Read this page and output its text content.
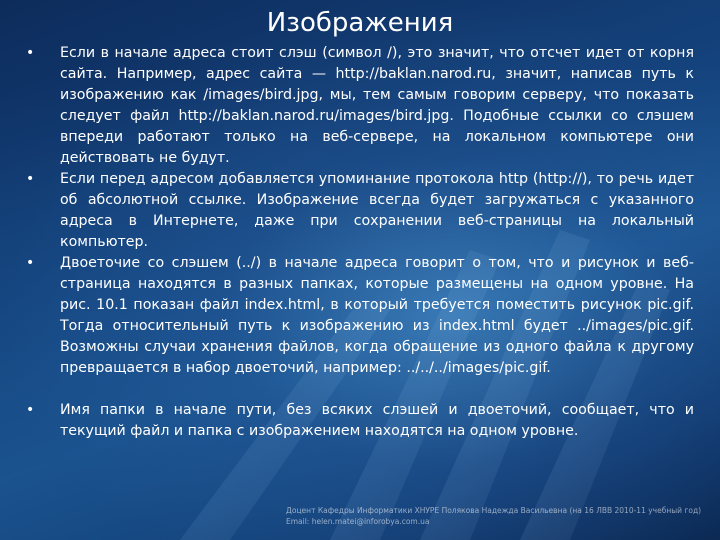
Изображения
• Если в начале адреса стоит слэш (символ /), это значит, что отсчет идет от корня сайта. Например, адрес сайта — http://baklan.narod.ru, значит, написав путь к изображению как /images/bird.jpg, мы, тем самым говорим серверу, что показать следует файл http://baklan.narod.ru/images/bird.jpg. Подобные ссылки со слэшем впереди работают только на веб-сервере, на локальном компьютере они действовать не будут.
• Если перед адресом добавляется упоминание протокола http (http://), то речь идет об абсолютной ссылке. Изображение всегда будет загружаться с указанного адреса в Интернете, даже при сохранении веб-страницы на локальный компьютер.
• Двоеточие со слэшем (../) в начале адреса говорит о том, что и рисунок и веб-страница находятся в разных папках, которые размещены на одном уровне. На рис. 10.1 показан файл index.html, в который требуется поместить рисунок pic.gif. Тогда относительный путь к изображению из index.html будет ../images/pic.gif. Возможны случаи хранения файлов, когда обращение из одного файла к другому превращается в набор двоеточий, например: ../../../images/pic.gif.
• Имя папки в начале пути, без всяких слэшей и двоеточий, сообщает, что и текущий файл и папка с изображением находятся на одном уровне.
Доцент Кафедры Информатики ХНУРЕ Полякова Надежда Васильевна (на 16 ЛВВ 2010-11 учебный год)
Email: helen.matei@inforobya.com.ua
